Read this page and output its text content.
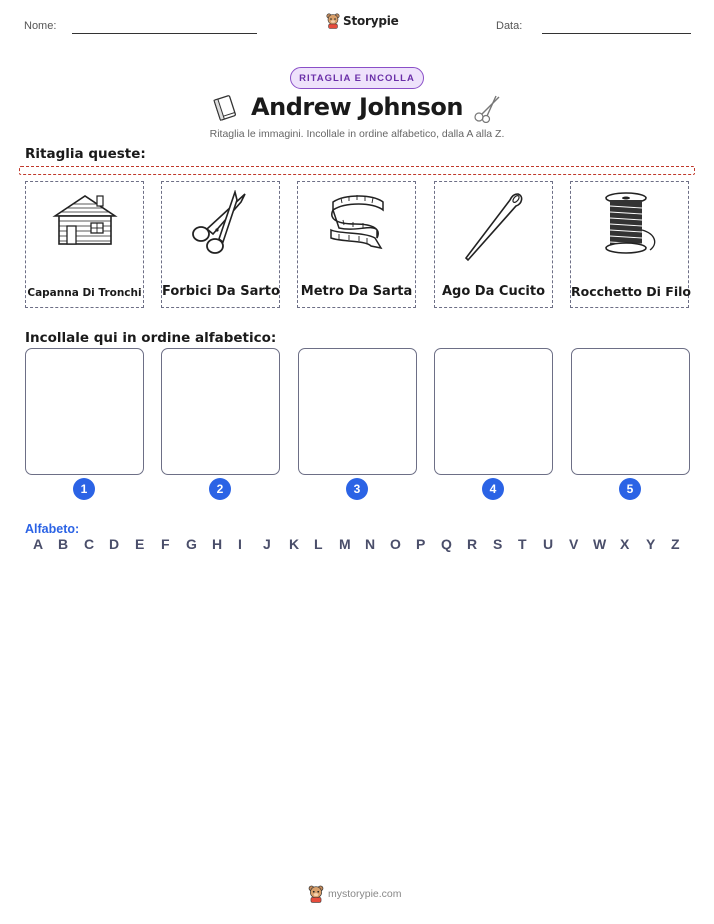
Nome:	Storypie	Data:
RITAGLIA E INCOLLA
Andrew Johnson
Ritaglia le immagini. Incollale in ordine alfabetico, dalla A alla Z.
Ritaglia queste:
Capanna Di Tronchi Forbici Da Sarto Metro Da Sarta	Ago Da Cucito	Rocchetto Di Filo
Incollale qui in ordine alfabetico:
1	2	3	4	5
Alfabeto:
A B C D E F G H I J K L M N O P Q R S T U V W X Y Z
mystorypie.com
